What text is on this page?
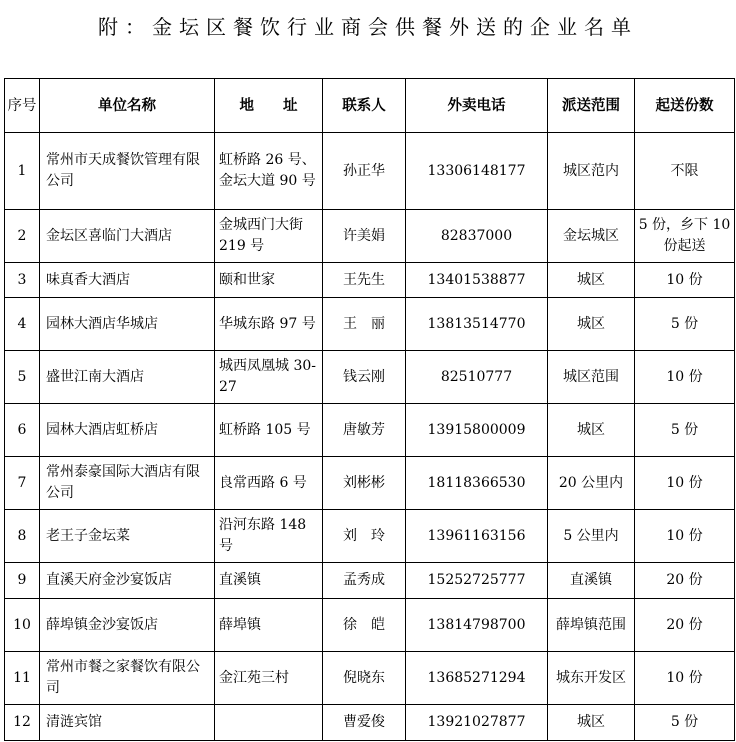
附：金坛区餐饮行业商会供餐外送的企业名单
序号	单位名称	地　　址	联系人	外卖电话	派送范围	起送份数
1	常州市天成餐饮管理有限公司	虹桥路 26 号、金坛大道 90 号	孙正华	13306148177	城区范内	不限
2	金坛区喜临门大酒店	金城西门大街 219 号	许美娟	82837000	金坛城区	5 份，乡下 10 份起送
3	味真香大酒店	颐和世家	王先生	13401538877	城区	10 份
4	园林大酒店华城店	华城东路 97 号	王　丽	13813514770	城区	5 份
5	盛世江南大酒店	城西凤凰城 30-27	钱云刚	82510777	城区范围	10 份
6	园林大酒店虹桥店	虹桥路 105 号	唐敏芳	13915800009	城区	5 份
7	常州泰豪国际大酒店有限公司	良常西路 6 号	刘彬彬	18118366530	20 公里内	10 份
8	老王子金坛菜	沿河东路 148 号	刘　玲	13961163156	5 公里内	10 份
9	直溪天府金沙宴饭店	直溪镇	孟秀成	15252725777	直溪镇	20 份
10	薛埠镇金沙宴饭店	薛埠镇	徐　皑	13814798700	薛埠镇范围	20 份
11	常州市餐之家餐饮有限公司	金江苑三村	倪晓东	13685271294	城东开发区	10 份
12	清涟宾馆		曹爱俊	13921027877	城区	5 份
